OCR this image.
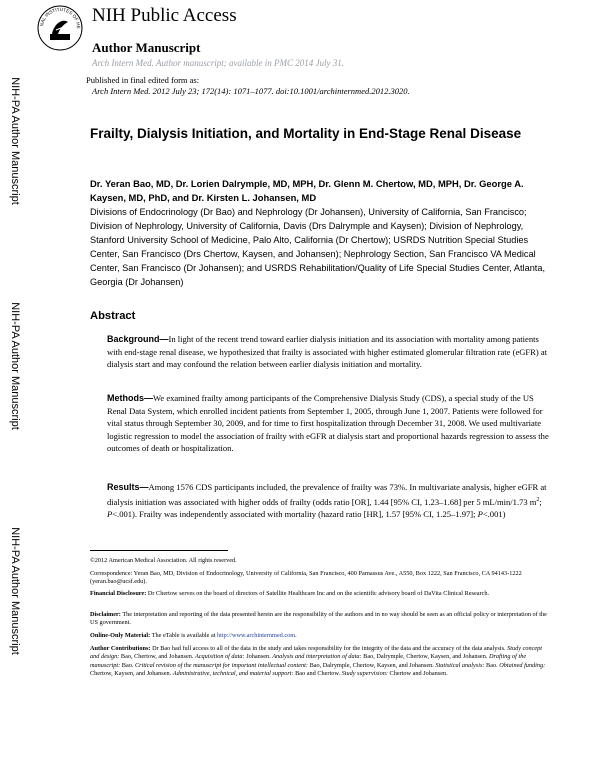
NAL INSTITUTES OF HE
NIH Public Access
Author Manuscript
Arch Intern Med. Author manuscript; available in PMC 2014 July 31.
Published in final edited form as:
Arch Intern Med. 2012 July 23; 172(14): 1071–1077. doi:10.1001/archinternmed.2012.3020.
NIH-PA Author Manuscript
NIH-PA Author Manuscript
NIH-PA Author Manuscript
Frailty, Dialysis Initiation, and Mortality in End-Stage Renal Disease
Dr. Yeran Bao, MD, Dr. Lorien Dalrymple, MD, MPH, Dr. Glenn M. Chertow, MD, MPH, Dr. George A. Kaysen, MD, PhD, and Dr. Kirsten L. Johansen, MD
Divisions of Endocrinology (Dr Bao) and Nephrology (Dr Johansen), University of California, San Francisco; Division of Nephrology, University of California, Davis (Drs Dalrymple and Kaysen); Division of Nephrology, Stanford University School of Medicine, Palo Alto, California (Dr Chertow); USRDS Nutrition Special Studies Center, San Francisco (Drs Chertow, Kaysen, and Johansen); Nephrology Section, San Francisco VA Medical Center, San Francisco (Dr Johansen); and USRDS Rehabilitation/Quality of Life Special Studies Center, Atlanta, Georgia (Dr Johansen)
Abstract
Background—In light of the recent trend toward earlier dialysis initiation and its association with mortality among patients with end-stage renal disease, we hypothesized that frailty is associated with higher estimated glomerular filtration rate (eGFR) at dialysis start and may confound the relation between earlier dialysis initiation and mortality.
Methods—We examined frailty among participants of the Comprehensive Dialysis Study (CDS), a special study of the US Renal Data System, which enrolled incident patients from September 1, 2005, through June 1, 2007. Patients were followed for vital status through September 30, 2009, and for time to first hospitalization through December 31, 2008. We used multivariate logistic regression to model the association of frailty with eGFR at dialysis start and proportional hazards regression to assess the outcomes of death or hospitalization.
Results—Among 1576 CDS participants included, the prevalence of frailty was 73%. In multivariate analysis, higher eGFR at dialysis initiation was associated with higher odds of frailty (odds ratio [OR], 1.44 [95% CI, 1.23–1.68] per 5 mL/min/1.73 $m^2$; P<.001). Frailty was independently associated with mortality (hazard ratio [HR], 1.57 [95% CI, 1.25–1.97]; P<.001)
©2012 American Medical Association. All rights reserved.
Correspondence: Yeran Bao, MD, Division of Endocrinology, University of California, San Francisco, 400 Parnassus Ave., A550, Box 1222, San Francisco, CA 94143-1222 (yeran.bao@ucsf.edu).
Financial Disclosure: Dr Chertow serves on the board of directors of Satellite Healthcare Inc and on the scientific advisory board of DaVita Clinical Research.
Disclaimer: The interpretation and reporting of the data presented herein are the responsibility of the authors and in no way should be seen as an official policy or interpretation of the US government.
Online-Only Material: The eTable is available at http://www.archinternmed.com.
Author Contributions: Dr Bao had full access to all of the data in the study and takes responsibility for the integrity of the data and the accuracy of the data analysis. Study concept and design: Bao, Chertow, and Johansen. Acquisition of data: Johansen. Analysis and interpretation of data: Bao, Dalrymple, Chertow, Kaysen, and Johansen. Drafting of the manuscript: Bao. Critical revision of the manuscript for important intellectual content: Bao, Dalrymple, Chertow, Kaysen, and Johansen. Statistical analysis: Bao. Obtained funding: Chertow, Kaysen, and Johansen. Administrative, technical, and material support: Bao and Chertow. Study supervision: Chertow and Johansen.
